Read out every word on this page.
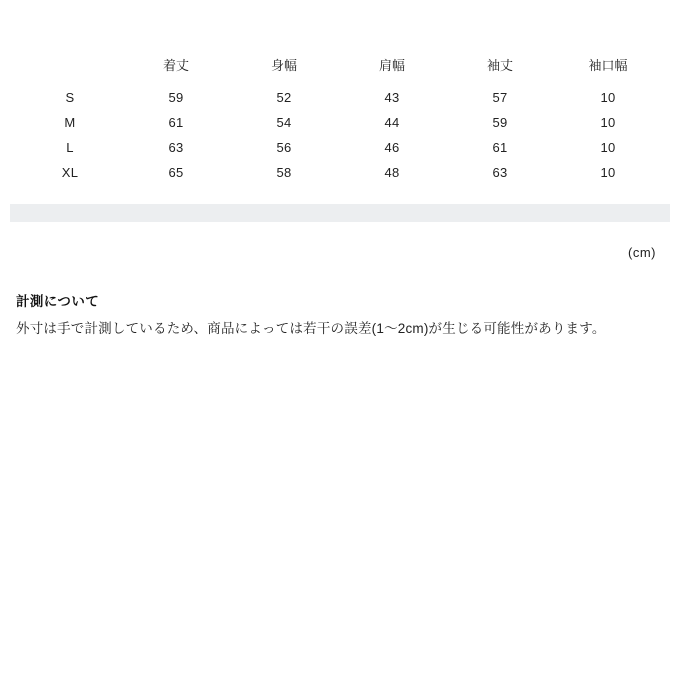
	着丈	身幅	肩幅	袖丈	袖口幅
S	59	52	43	57	10
M	61	54	44	59	10
L	63	56	46	61	10
XL	65	58	48	63	10
(cm)
計測について
外寸は手で計測しているため、商品によっては若干の誤差(1〜2cm)が生じる可能性があります。
